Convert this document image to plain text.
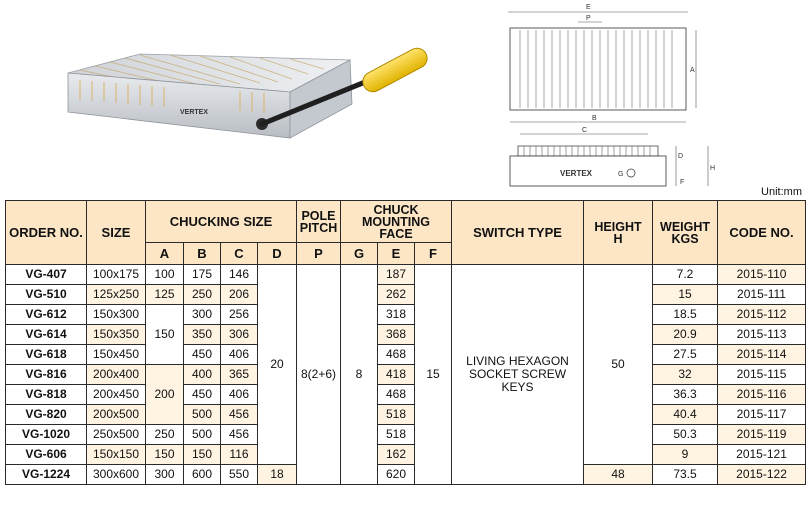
VERTEX
E
P
A
B
C
VERTEX
D
H
G
F
Unit:mm
ORDER NO.	SIZE	CHUCKING SIZE				POLE
PITCH	CHUCK
MOUNTING
FACE			SWITCH TYPE	HEIGHT
H	WEIGHT
KGS	CODE NO.
		A	B	C	D	P	G	E	F				
VG-407	100x175	100	175	146	20	8(2+6)	8	187	15	LIVING HEXAGON
SOCKET SCREW
KEYS	50	7.2	2015-110
VG-510	125x250	125	250	206				262				15	2015-111
VG-612	150x300	150	300	256				318				18.5	2015-112
VG-614	150x350		350	306				368				20.9	2015-113
VG-618	150x450		450	406				468				27.5	2015-114
VG-816	200x400	200	400	365				418				32	2015-115
VG-818	200x450		450	406				468				36.3	2015-116
VG-820	200x500		500	456				518				40.4	2015-117
VG-1020	250x500	250	500	456				518				50.3	2015-119
VG-606	150x150	150	150	116				162				9	2015-121
VG-1224	300x600	300	600	550	18			620			48	73.5	2015-122
